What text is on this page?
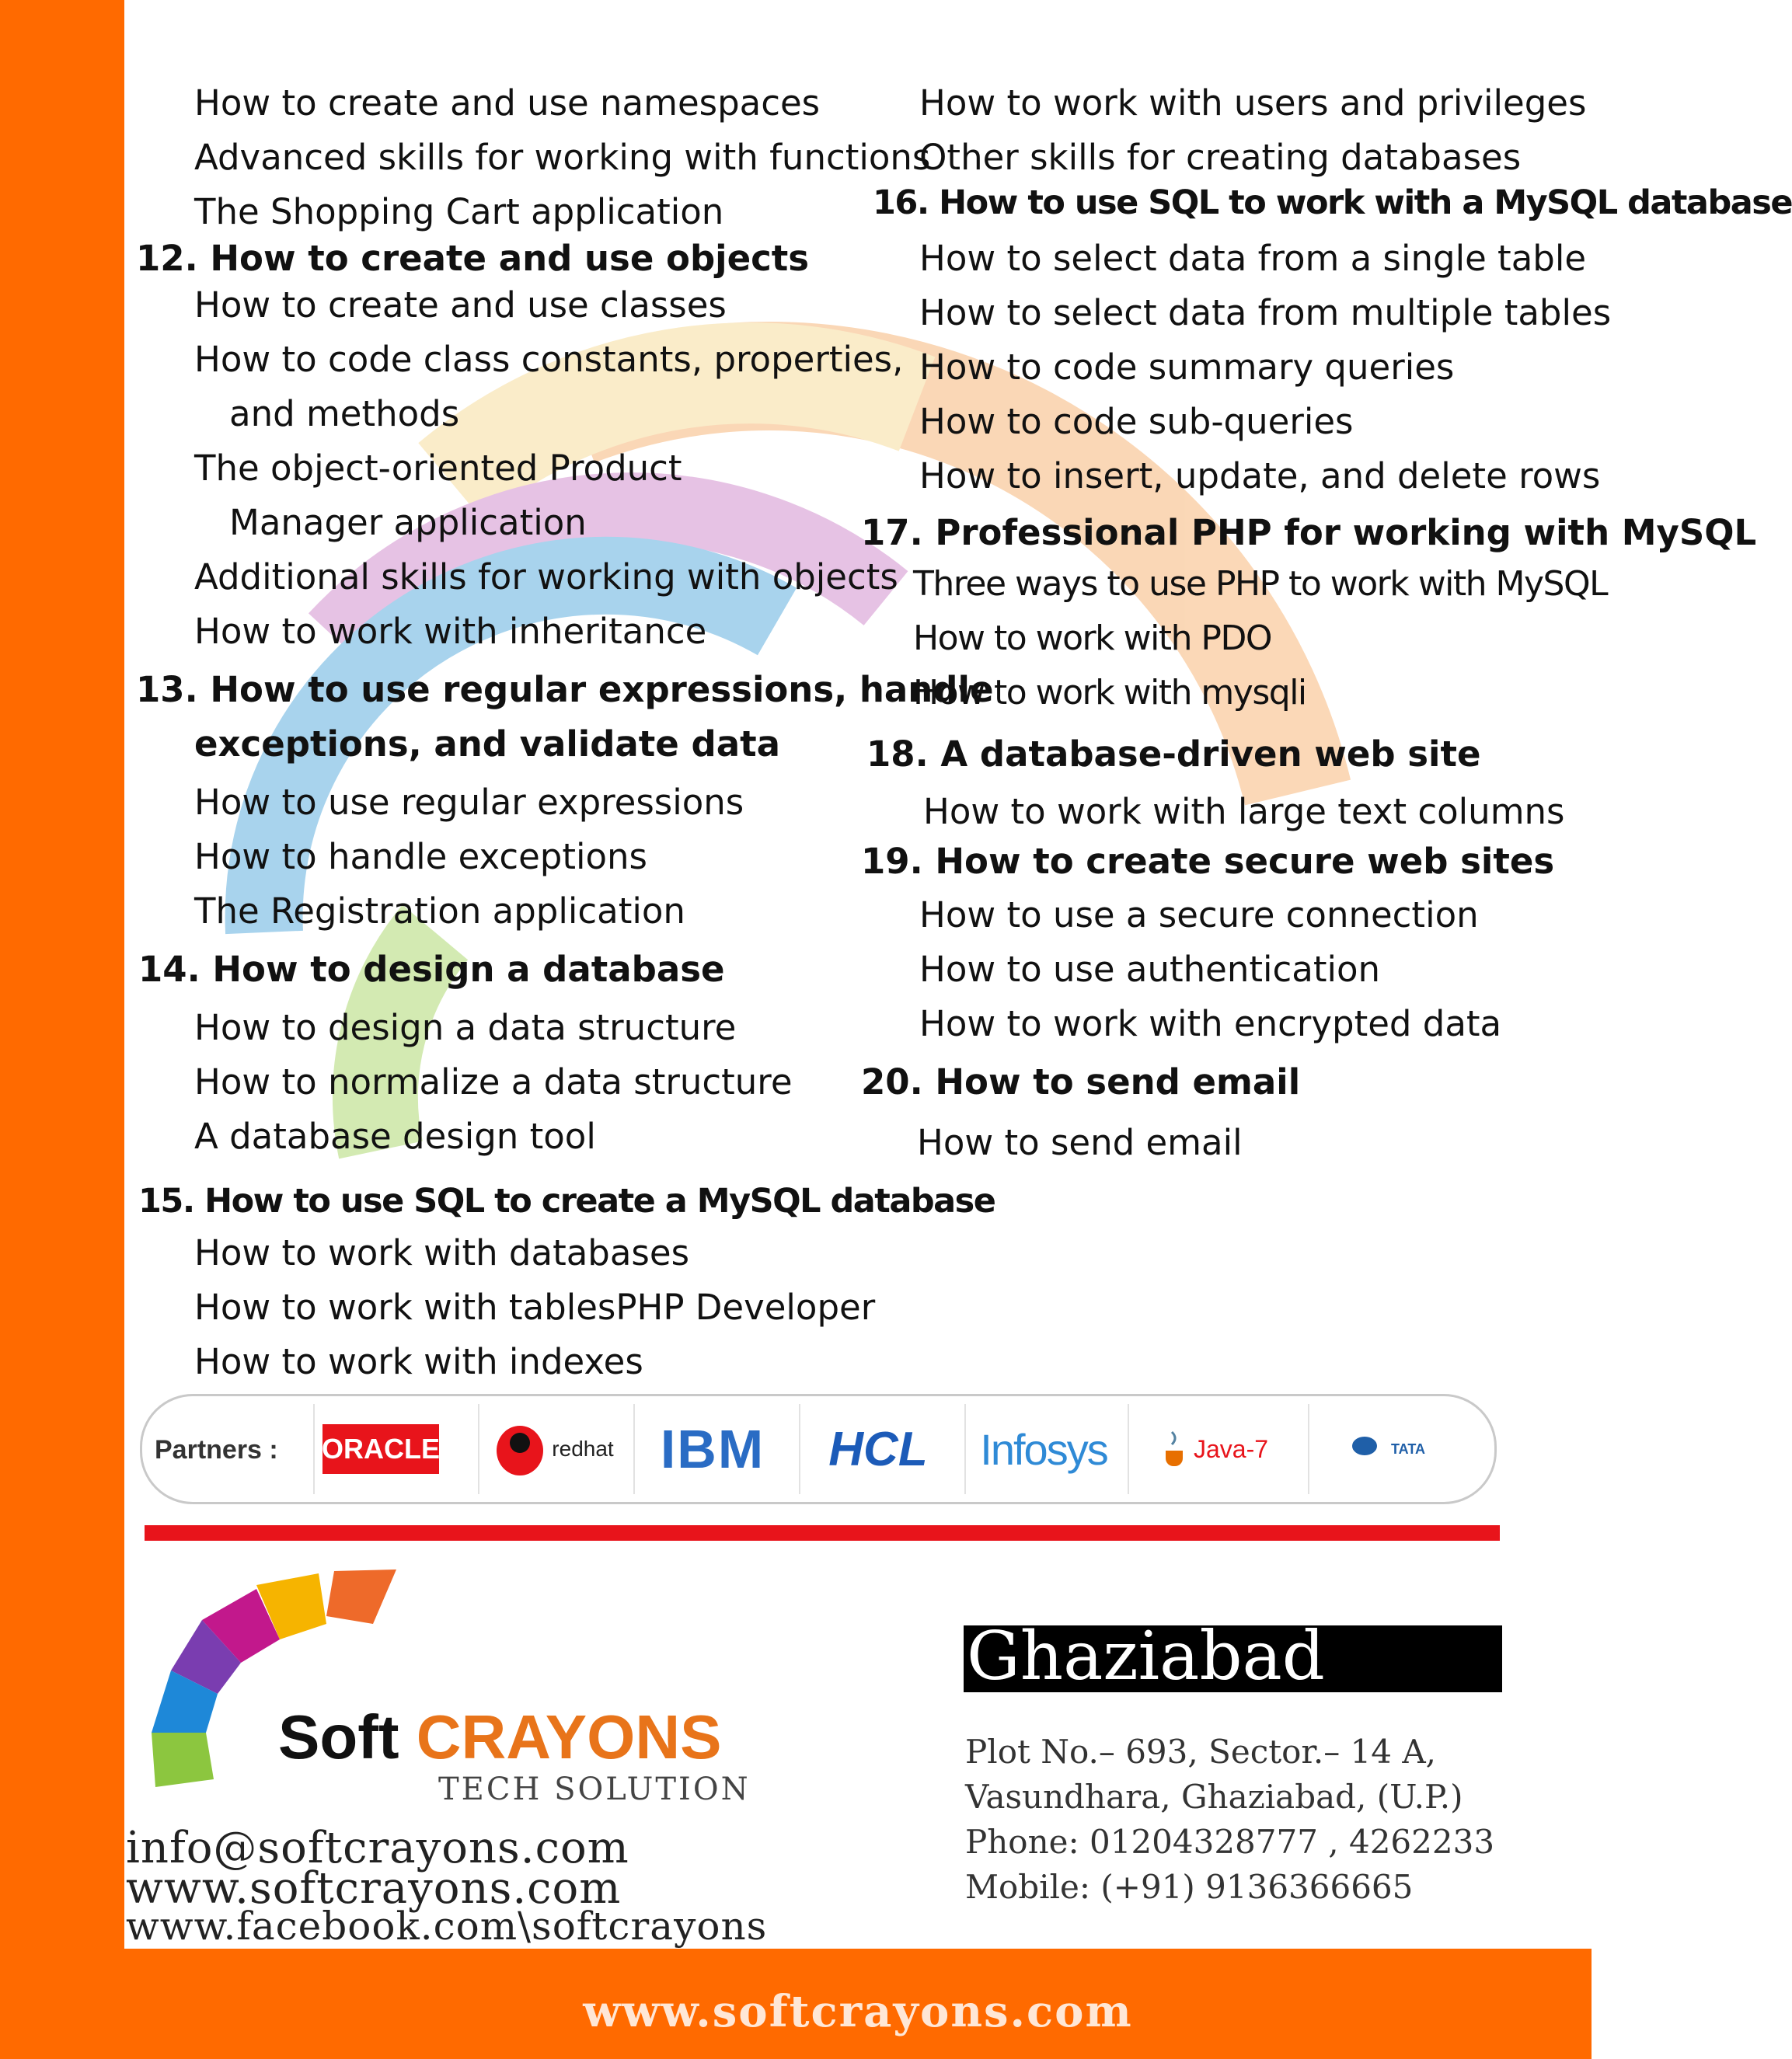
How to create and use namespaces
Advanced skills for working with functions
The Shopping Cart application
12. How to create and use objects
How to create and use classes
How to code class constants, properties,
and methods
The object-oriented Product
Manager application
Additional skills for working with objects
How to work with inheritance
13. How to use regular expressions, handle
exceptions, and validate data
How to use regular expressions
How to handle exceptions
The Registration application
14. How to design a database
How to design a data structure
How to normalize a data structure
A database design tool
15. How to use SQL to create a MySQL database
How to work with databases
How to work with tablesPHP Developer
How to work with indexes
How to work with users and privileges
Other skills for creating databases
16. How to use SQL to work with a MySQL database
How to select data from a single table
How to select data from multiple tables
How to code summary queries
How to code sub-queries
How to insert, update, and delete rows
17. Professional PHP for working with MySQL
Three ways to use PHP to work with MySQL
How to work with PDO
How to work with mysqli
18. A database-driven web site
How to work with large text columns
19. How to create secure web sites
How to use a secure connection
How to use authentication
How to work with encrypted data
20. How to send email
How to send email
Partners : ORACLE	redhat IBM HCL Infosys	Java-7	TATA
Soft CRAYONS
TECH SOLUTION
info@softcrayons.com
www.softcrayons.com
www.facebook.com\softcrayons
Ghaziabad
Plot No.– 693, Sector.– 14 A,
Vasundhara, Ghaziabad, (U.P.)
Phone: 01204328777 , 4262233
Mobile: (+91) 9136366665
www.softcrayons.com
